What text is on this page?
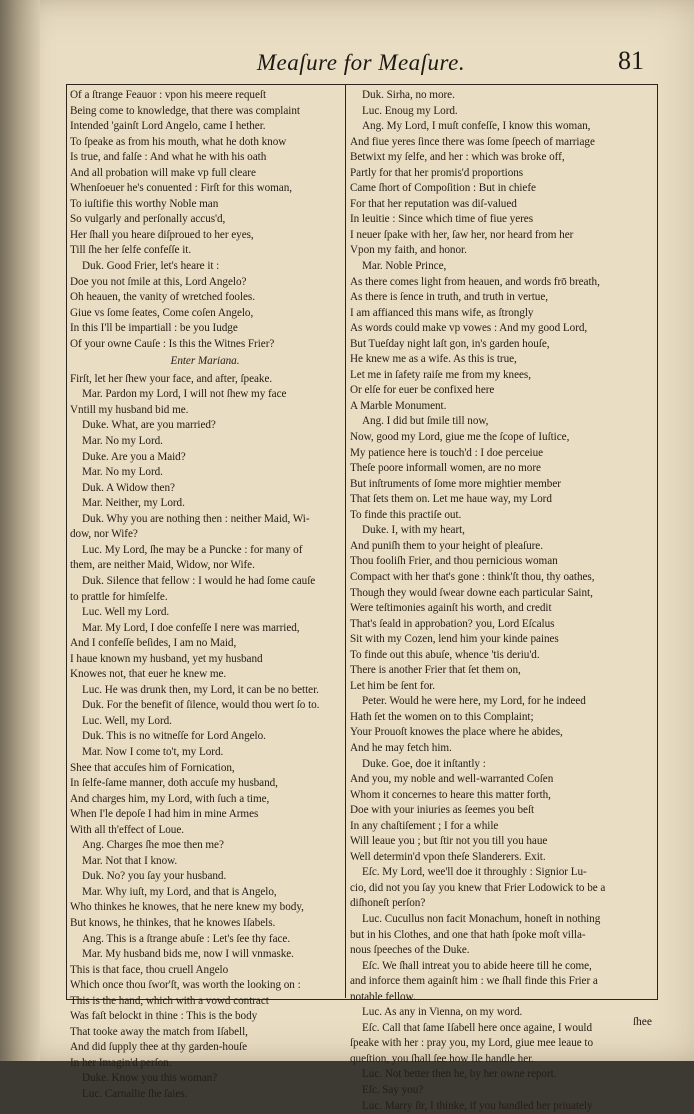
Meaſure for Meaſure.	81
Of a ſtrange Feauor : vpon his meere requeſt
Being come to knowledge, that there was complaint
Intended 'gainſt Lord Angelo, came I hether.
To ſpeake as from his mouth, what he doth know
Is true, and falſe : And what he with his oath
And all probation will make vp full cleare
Whenſoeuer he's conuented : Firſt for this woman,
To iuſtifie this worthy Noble man
So vulgarly and perſonally accus'd,
Her ſhall you heare diſproued to her eyes,
Till ſhe her ſelfe confeſſe it.
Duk. Good Frier, let's heare it :
Doe you not ſmile at this, Lord Angelo?
Oh heauen, the vanity of wretched fooles.
Giue vs ſome ſeates, Come coſen Angelo,
In this I'll be impartiall : be you Iudge
Of your owne Cauſe : Is this the Witnes Frier?
Enter Mariana.
Firſt, let her ſhew your face, and after, ſpeake.
Mar. Pardon my Lord, I will not ſhew my face
Vntill my husband bid me.
Duke. What, are you married?
Mar. No my Lord.
Duke. Are you a Maid?
Mar. No my Lord.
Duk. A Widow then?
Mar. Neither, my Lord.
Duk. Why you are nothing then : neither Maid, Wi-
dow, nor Wife?
Luc. My Lord, ſhe may be a Puncke : for many of
them, are neither Maid, Widow, nor Wife.
Duk. Silence that fellow : I would he had ſome cauſe
to prattle for himſelfe.
Luc. Well my Lord.
Mar. My Lord, I doe confeſſe I nere was married,
And I confeſſe beſides, I am no Maid,
I haue known my husband, yet my husband
Knowes not, that euer he knew me.
Luc. He was drunk then, my Lord, it can be no better.
Duk. For the benefit of ſilence, would thou wert ſo to.
Luc. Well, my Lord.
Duk. This is no witneſſe for Lord Angelo.
Mar. Now I come to't, my Lord.
Shee that accuſes him of Fornication,
In ſelfe-ſame manner, doth accuſe my husband,
And charges him, my Lord, with ſuch a time,
When I'le depoſe I had him in mine Armes
With all th'effect of Loue.
Ang. Charges ſhe moe then me?
Mar. Not that I know.
Duk. No? you ſay your husband.
Mar. Why iuſt, my Lord, and that is Angelo,
Who thinkes he knowes, that he nere knew my body,
But knows, he thinkes, that he knowes Iſabels.
Ang. This is a ſtrange abuſe : Let's ſee thy face.
Mar. My husband bids me, now I will vnmaske.
This is that face, thou cruell Angelo
Which once thou ſwor'ſt, was worth the looking on :
This is the hand, which with a vowd contract
Was faſt belockt in thine : This is the body
That tooke away the match from Iſabell,
And did ſupply thee at thy garden-houſe
In her Imagin'd perſon.
Duke. Know you this woman?
Luc. Carnallie ſhe ſaies.
Duk. Sirha, no more.
Luc. Enoug my Lord.
Ang. My Lord, I muſt confeſſe, I know this woman,
And fiue yeres ſince there was ſome ſpeech of marriage
Betwixt my ſelfe, and her : which was broke off,
Partly for that her promis'd proportions
Came ſhort of Compoſition : But in chiefe
For that her reputation was diſ-valued
In leuitie : Since which time of fiue yeres
I neuer ſpake with her, ſaw her, nor heard from her
Vpon my faith, and honor.
Mar. Noble Prince,
As there comes light from heauen, and words frō breath,
As there is ſence in truth, and truth in vertue,
I am affianced this mans wife, as ſtrongly
As words could make vp vowes : And my good Lord,
But Tueſday night laſt gon, in's garden houſe,
He knew me as a wife. As this is true,
Let me in ſafety raiſe me from my knees,
Or elſe for euer be confixed here
A Marble Monument.
Ang. I did but ſmile till now,
Now, good my Lord, giue me the ſcope of Iuſtice,
My patience here is touch'd : I doe perceiue
Theſe poore informall women, are no more
But inſtruments of ſome more mightier member
That ſets them on. Let me haue way, my Lord
To finde this practiſe out.
Duke. I, with my heart,
And puniſh them to your height of pleaſure.
Thou fooliſh Frier, and thou pernicious woman
Compact with her that's gone : think'ſt thou, thy oathes,
Though they would ſwear downe each particular Saint,
Were teſtimonies againſt his worth, and credit
That's ſeald in approbation? you, Lord Eſcalus
Sit with my Cozen, lend him your kinde paines
To finde out this abuſe, whence 'tis deriu'd.
There is another Frier that ſet them on,
Let him be ſent for.
Peter. Would he were here, my Lord, for he indeed
Hath ſet the women on to this Complaint;
Your Prouoſt knowes the place where he abides,
And he may fetch him.
Duke. Goe, doe it inſtantly :
And you, my noble and well-warranted Coſen
Whom it concernes to heare this matter forth,
Doe with your iniuries as ſeemes you beſt
In any chaſtiſement ; I for a while
Will leaue you ; but ſtir not you till you haue
Well determin'd vpon theſe Slanderers. Exit.
Eſc. My Lord, wee'll doe it throughly : Signior Lu-
cio, did not you ſay you knew that Frier Lodowick to be a
diſhoneſt perſon?
Luc. Cucullus non facit Monachum, honeſt in nothing
but in his Clothes, and one that hath ſpoke moſt villa-
nous ſpeeches of the Duke.
Eſc. We ſhall intreat you to abide heere till he come,
and inforce them againſt him : we ſhall finde this Frier a
notable fellow.
Luc. As any in Vienna, on my word.
Eſc. Call that ſame Iſabell here once againe, I would
ſpeake with her : pray you, my Lord, giue mee leaue to
queſtion, you ſhall ſee how Ile handle her.
Luc. Not better then he, by her owne report.
Eſc. Say you?
Luc. Marry ſir, I thinke, if you handled her priuately
ſhee
